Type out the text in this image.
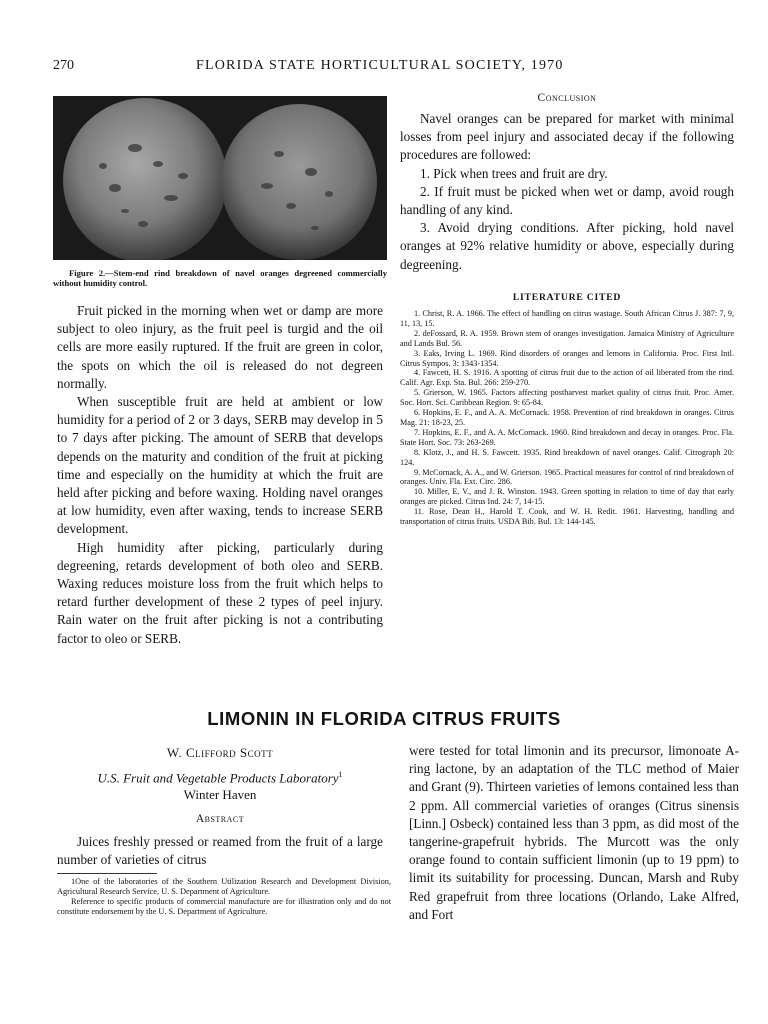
270	FLORIDA STATE HORTICULTURAL SOCIETY, 1970
Figure 2.—Stem-end rind breakdown of navel oranges degreened commercially without humidity control.

Fruit picked in the morning when wet or damp are more subject to oleo injury, as the fruit peel is turgid and the oil cells are more easily ruptured. If the fruit are green in color, the spots on which the oil is released do not degreen normally.

When susceptible fruit are held at ambient or low humidity for a period of 2 or 3 days, SERB may develop in 5 to 7 days after picking. The amount of SERB that develops depends on the maturity and condition of the fruit at picking time and especially on the humidity at which the fruit are held after picking and before waxing. Holding navel oranges at low humidity, even after waxing, tends to increase SERB development.

High humidity after picking, particularly during degreening, retards development of both oleo and SERB. Waxing reduces moisture loss from the fruit which helps to retard further development of these 2 types of peel injury. Rain water on the fruit after picking is not a contributing factor to oleo or SERB.

Conclusion

Navel oranges can be prepared for market with minimal losses from peel injury and associated decay if the following procedures are followed:

1. Pick when trees and fruit are dry.

2. If fruit must be picked when wet or damp, avoid rough handling of any kind.

3. Avoid drying conditions. After picking, hold navel oranges at 92% relative humidity or above, especially during degreening.

LITERATURE CITED

1. Christ, R. A. 1966. The effect of handling on citrus wastage. South African Citrus J. 387: 7, 9, 11, 13, 15.

2. deFossard, R. A. 1959. Brown stem of oranges investigation. Jamaica Ministry of Agriculture and Lands Bul. 56.

3. Eaks, Irving L. 1969. Rind disorders of oranges and lemons in California. Proc. First Intl. Citrus Sympos. 3: 1343-1354.

4. Fawcett, H. S. 1916. A spotting of citrus fruit due to the action of oil liberated from the rind. Calif. Agr. Exp. Sta. Bul. 266: 259-270.

5. Grierson, W. 1965. Factors affecting postharvest market quality of citrus fruit. Proc. Amer. Soc. Hort. Sci. Caribbean Region. 9: 65-84.

6. Hopkins, E. F., and A. A. McCornack. 1958. Prevention of rind breakdown in oranges. Citrus Mag. 21: 18-23, 25.

7. Hopkins, E. F., and A. A. McCornack. 1960. Rind breakdown and decay in oranges. Proc. Fla. State Hort. Soc. 73: 263-269.

8. Klotz, J., and H. S. Fawcett. 1935. Rind breakdown of navel oranges. Calif. Citrograph 20: 124.

9. McCornack, A. A., and W. Grierson. 1965. Practical measures for control of rind breakdown of oranges. Univ. Fla. Ext. Circ. 286.

10. Miller, E. V., and J. R. Winston. 1943. Green spotting in relation to time of day that early oranges are picked. Citrus Ind. 24: 7, 14-15.

11. Rose, Dean H., Harold T. Cook, and W. H. Redit. 1961. Harvesting, handling and transportation of citrus fruits. USDA Bib. Bul. 13: 144-145.

LIMONIN IN FLORIDA CITRUS FRUITS
W. Clifford Scott
U.S. Fruit and Vegetable Products Laboratory$^1$
Winter Haven
Abstract

Juices freshly pressed or reamed from the fruit of a large number of varieties of citrus

1One of the laboratories of the Southern Utilization Research and Development Division, Agricultural Research Service, U. S. Department of Agriculture.

Reference to specific products of commercial manufacture are for illustration only and do not constitute endorsement by the U. S. Department of Agriculture.

were tested for total limonin and its precursor, limonoate A-ring lactone, by an adaptation of the TLC method of Maier and Grant (9). Thirteen varieties of lemons contained less than 2 ppm. All commercial varieties of oranges (Citrus sinensis [Linn.] Osbeck) contained less than 3 ppm, as did most of the tangerine-grapefruit hybrids. The Murcott was the only orange found to contain sufficient limonin (up to 19 ppm) to limit its suitability for processing. Duncan, Marsh and Ruby Red grapefruit from three locations (Orlando, Lake Alfred, and Fort
